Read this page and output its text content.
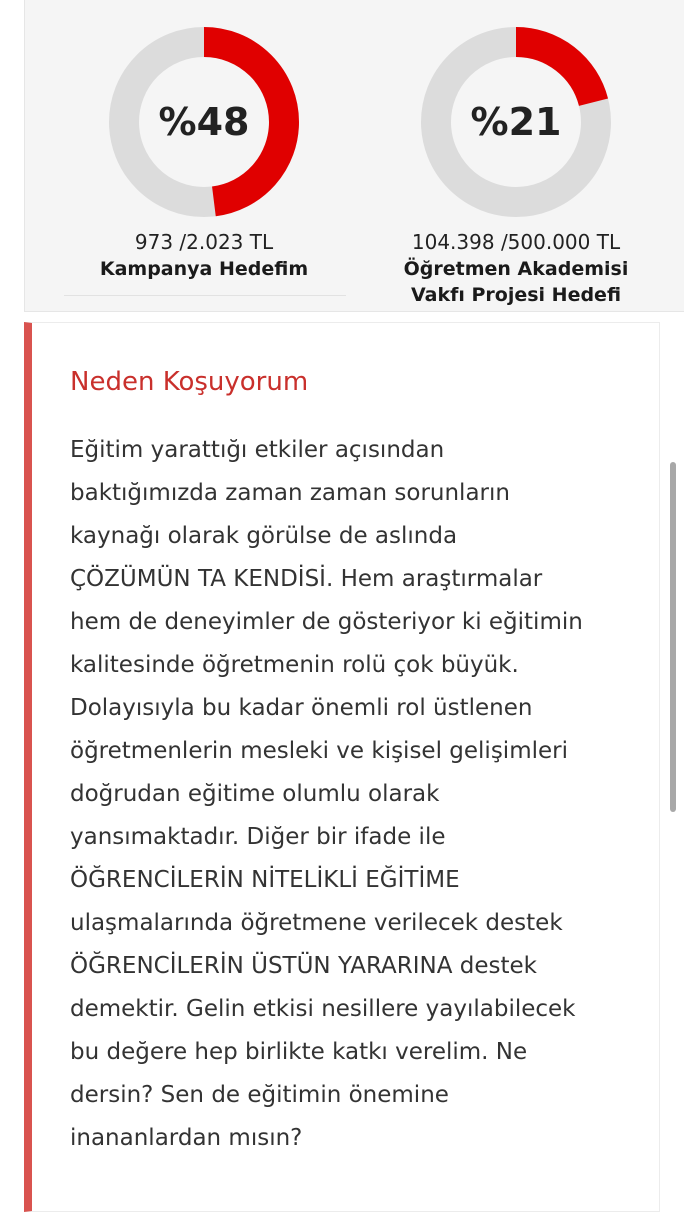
%48
973 /2.023 TL
Kampanya Hedefim
%21
104.398 /500.000 TL
Öğretmen Akademisi
Vakfı Projesi Hedefi
Neden Koşuyorum
Eğitim yarattığı etkiler açısından
baktığımızda zaman zaman sorunların
kaynağı olarak görülse de aslında
ÇÖZÜMÜN TA KENDİSİ. Hem araştırmalar
hem de deneyimler de gösteriyor ki eğitimin
kalitesinde öğretmenin rolü çok büyük.
Dolayısıyla bu kadar önemli rol üstlenen
öğretmenlerin mesleki ve kişisel gelişimleri
doğrudan eğitime olumlu olarak
yansımaktadır. Diğer bir ifade ile
ÖĞRENCİLERİN NİTELİKLİ EĞİTİME
ulaşmalarında öğretmene verilecek destek
ÖĞRENCİLERİN ÜSTÜN YARARINA destek
demektir. Gelin etkisi nesillere yayılabilecek
bu değere hep birlikte katkı verelim. Ne
dersin? Sen de eğitimin önemine
inananlardan mısın?
